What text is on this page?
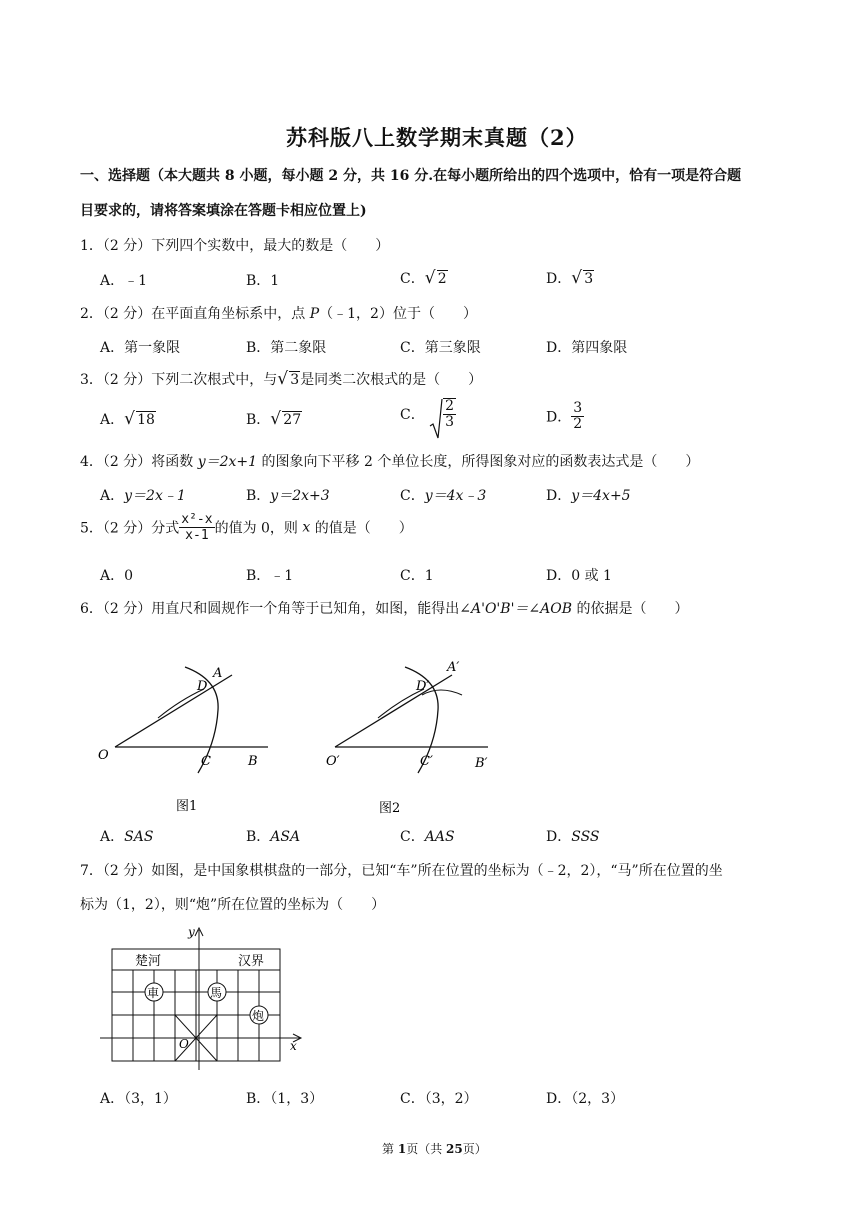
苏科版八上数学期末真题（2）
一、选择题（本大题共 8 小题，每小题 2 分，共 16 分.在每小题所给出的四个选项中，恰有一项是符合题
目要求的，请将答案填涂在答题卡相应位置上)
1．（2 分）下列四个实数中，最大的数是（　　）
A．﹣1	B．1	C． √ 2	D． √ 3
2．（2 分）在平面直角坐标系中，点 P（﹣1，2）位于（　　）
A．第一象限	B．第二象限	C．第三象限	D．第四象限
3．（2 分）下列二次根式中，与 √ 3是同类二次根式的是（　　）
A． √ 18	B． √ 27	C． $\frac{2}{3}$	D． $\frac{3}{2}$
4．（2 分）将函数 y＝2x+1 的图象向下平移 2 个单位长度，所得图象对应的函数表达式是（　　）
A．y＝2x﹣1	B．y＝2x+3	C．y＝4x﹣3	D．y＝4x+5
5．（2 分）分式 $\frac{\text{x²-x}}{x-1}$ 的值为 0，则 x 的值是（　　）
A．0	B．﹣1	C．1	D．0 或 1
6．（2 分）用直尺和圆规作一个角等于已知角，如图，能得出∠A'O'B'＝∠AOB 的依据是（　　）
A
D
O	C	B
图1
A′
D′
O′	C′	B′
图2
A．SAS	B．ASA	C．AAS	D．SSS
7．（2 分）如图，是中国象棋棋盘的一部分，已知“车”所在位置的坐标为（﹣2，2），“马”所在位置的坐
标为（1，2），则“炮”所在位置的坐标为（　　）
y
x
O
楚河	汉界
車	馬
炮
A．（3，1）	B．（1，3）	C．（3，2）	D．（2，3）
第 1页（共 25页）
